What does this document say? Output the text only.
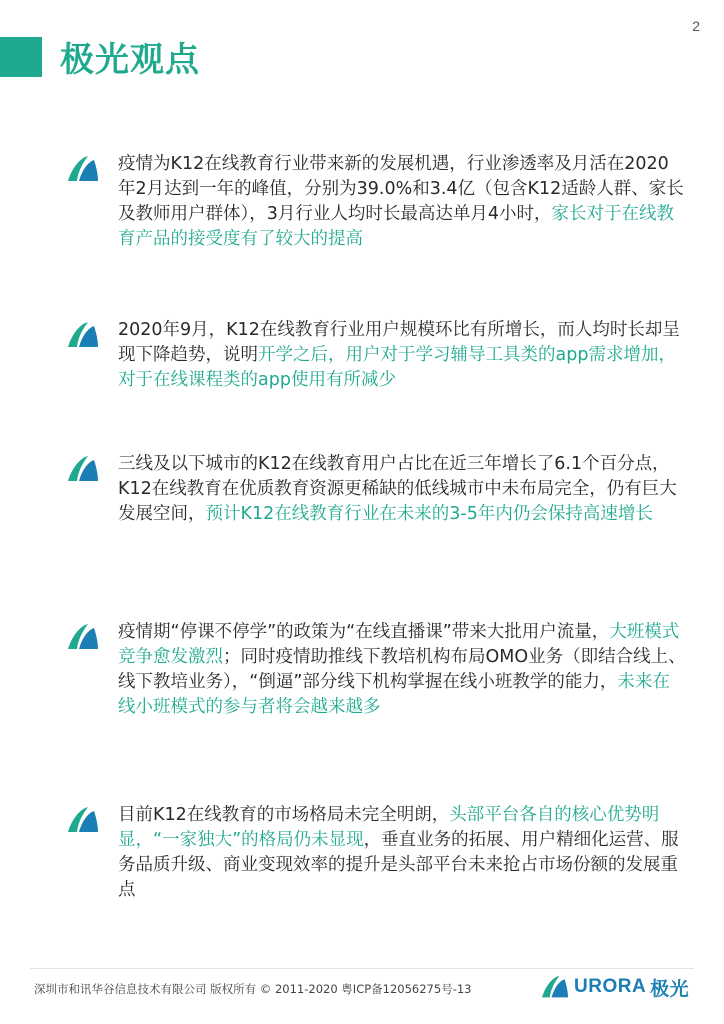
2
极光观点
疫情为K12在线教育行业带来新的发展机遇，行业渗透率及月活在2020年2月达到一年的峰值，分别为39.0%和3.4亿（包含K12适龄人群、家长及教师用户群体），3月行业人均时长最高达单月4小时，家长对于在线教育产品的接受度有了较大的提高
2020年9月，K12在线教育行业用户规模环比有所增长，而人均时长却呈现下降趋势，说明开学之后，用户对于学习辅导工具类的app需求增加，对于在线课程类的app使用有所减少
三线及以下城市的K12在线教育用户占比在近三年增长了6.1个百分点，K12在线教育在优质教育资源更稀缺的低线城市中未布局完全，仍有巨大发展空间，预计K12在线教育行业在未来的3-5年内仍会保持高速增长
疫情期“停课不停学”的政策为“在线直播课”带来大批用户流量，大班模式竞争愈发激烈；同时疫情助推线下教培机构布局OMO业务（即结合线上、线下教培业务），“倒逼”部分线下机构掌握在线小班教学的能力，未来在线小班模式的参与者将会越来越多
目前K12在线教育的市场格局未完全明朗，头部平台各自的核心优势明显，“一家独大”的格局仍未显现，垂直业务的拓展、用户精细化运营、服务品质升级、商业变现效率的提升是头部平台未来抢占市场份额的发展重点
深圳市和讯华谷信息技术有限公司 版权所有 © 2011-2020 粤ICP备12056275号-13	URORA 极光
